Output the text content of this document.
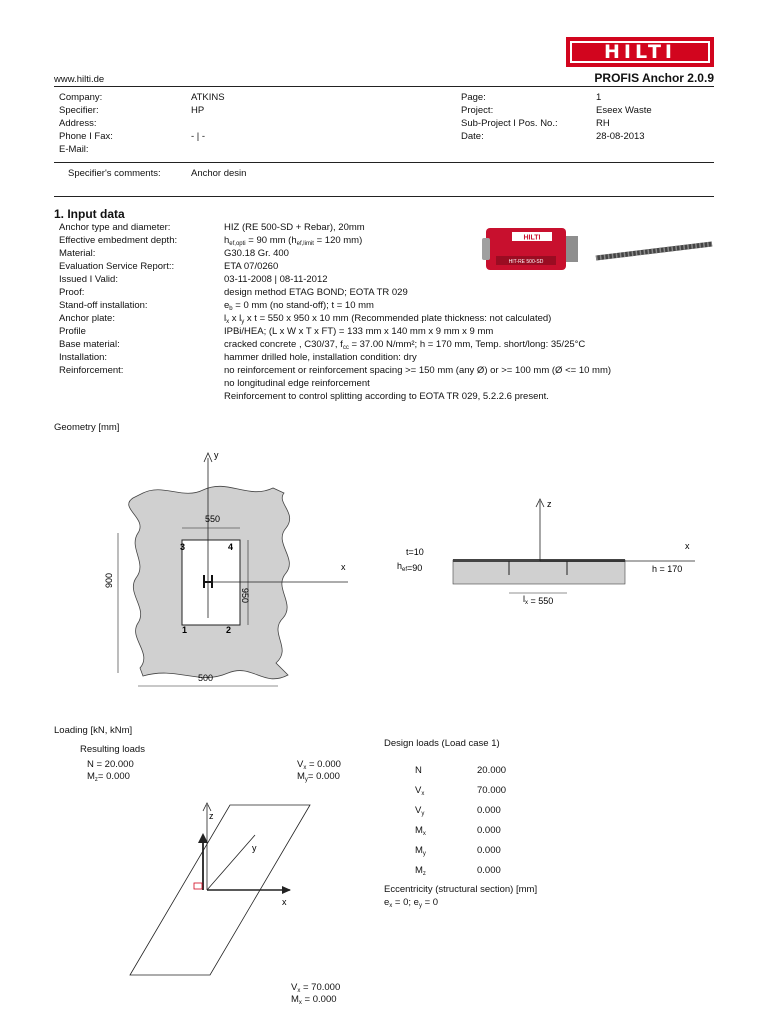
HILTI
www.hilti.de	PROFIS Anchor 2.0.9
Company:	ATKINS
Specifier:	HP
Address:
Phone I Fax:	- | -
E-Mail:
Page:	1
Project:	Eseex Waste
Sub-Project I Pos. No.:	RH
Date:	28-08-2013
Specifier's comments:	Anchor desin
1. Input data
Anchor type and diameter:	HIZ (RE 500-SD + Rebar), 20mm
Effective embedment depth:	$h_{ef,opti} = 90$ mm ($h_{ef,limit} = 120$ mm)
Material:	G30.18 Gr. 400
Evaluation Service Report::	ETA 07/0260
Issued I Valid:	03-11-2008 | 08-11-2012
Proof:	design method ETAG BOND; EOTA TR 029
Stand-off installation:	$e_b = 0$ mm (no stand-off); t = 10 mm
Anchor plate:	$l_x$ x $l_y$ x t = 550 x 950 x 10 mm (Recommended plate thickness: not calculated)
Profile	IPBi/HEA; (L x W x T x FT) = 133 mm x 140 mm x 9 mm x 9 mm
Base material:	cracked concrete , C30/37, $f_{cc} = 37.00$ N/mm²; h = 170 mm, Temp. short/long: 35/25°C
Installation:	hammer drilled hole, installation condition: dry
Reinforcement:	no reinforcement or reinforcement spacing >= 150 mm (any Ø) or >= 100 mm (Ø <= 10 mm)
no longitudinal edge reinforcement
Reinforcement to control splitting according to EOTA TR 029, 5.2.2.6 present.
HIT-RE 500-SD
HILTI
Geometry [mm]
y
x
550
900
950
500
1	2
3	4
z
x
t=10
$h_{ef}=90$	h = 170
$l_x = 550$
Loading [kN, kNm]
Resulting loads
N = 20.000
$M_z= 0.000$
$V_x = 0.000$
$M_y= 0.000$
$V_x = 70.000$
$M_x = 0.000$
z
y
x
Design loads (Load case 1)
N	20.000
$V_x$	70.000
$V_y$	0.000
$M_x$	0.000
$M_y$	0.000
$M_z$	0.000
Eccentricity (structural section) [mm]
$e_x = 0$; $e_y = 0$
